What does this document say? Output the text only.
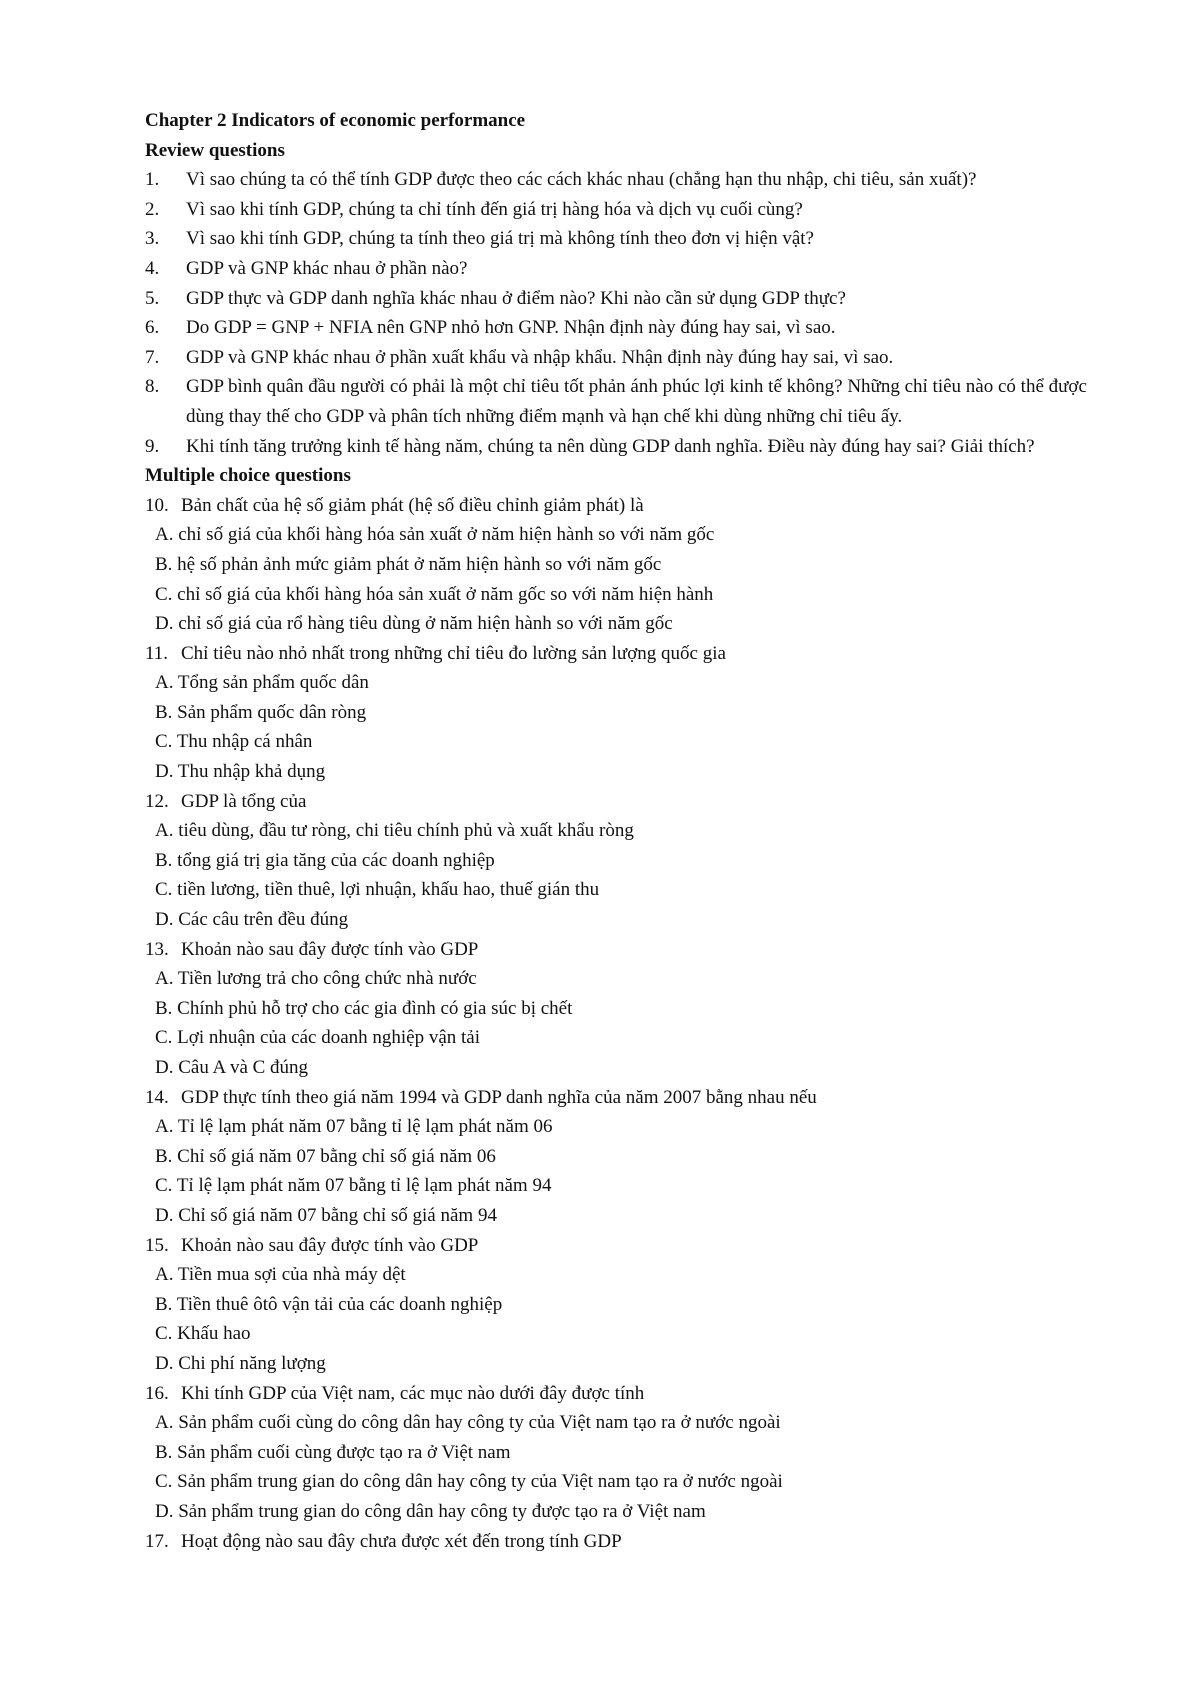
Chapter 2 Indicators of economic performance

Review questions

1.	Vì sao chúng ta có thể tính GDP được theo các cách khác nhau (chẳng hạn thu nhập, chi tiêu, sản xuất)?
2.	Vì sao khi tính GDP, chúng ta chỉ tính đến giá trị hàng hóa và dịch vụ cuối cùng?
3.	Vì sao khi tính GDP, chúng ta tính theo giá trị mà không tính theo đơn vị hiện vật?
4.	GDP và GNP khác nhau ở phần nào?
5.	GDP thực và GDP danh nghĩa khác nhau ở điểm nào? Khi nào cần sử dụng GDP thực?
6.	Do GDP = GNP + NFIA nên GNP nhỏ hơn GNP. Nhận định này đúng hay sai, vì sao.
7.	GDP và GNP khác nhau ở phần xuất khẩu và nhập khẩu. Nhận định này đúng hay sai, vì sao.
8.	GDP bình quân đầu người có phải là một chỉ tiêu tốt phản ánh phúc lợi kinh tế không? Những chỉ tiêu nào có thể được dùng thay thế cho GDP và phân tích những điểm mạnh và hạn chế khi dùng những chỉ tiêu ấy.
9.	Khi tính tăng trưởng kinh tế hàng năm, chúng ta nên dùng GDP danh nghĩa. Điều này đúng hay sai? Giải thích?

Multiple choice questions

10. Bản chất của hệ số giảm phát (hệ số điều chỉnh giảm phát) là

A. chỉ số giá của khối hàng hóa sản xuất ở năm hiện hành so với năm gốc

B. hệ số phản ảnh mức giảm phát ở năm hiện hành so với năm gốc

C. chỉ số giá của khối hàng hóa sản xuất ở năm gốc so với năm hiện hành

D. chỉ số giá của rổ hàng tiêu dùng ở năm hiện hành so với năm gốc

11. Chỉ tiêu nào nhỏ nhất trong những chỉ tiêu đo lường sản lượng quốc gia

A. Tổng sản phẩm quốc dân

B. Sản phẩm quốc dân ròng

C. Thu nhập cá nhân

D. Thu nhập khả dụng

12. GDP là tổng của

A. tiêu dùng, đầu tư ròng, chi tiêu chính phủ và xuất khẩu ròng

B. tổng giá trị gia tăng của các doanh nghiệp

C. tiền lương, tiền thuê, lợi nhuận, khấu hao, thuế gián thu

D. Các câu trên đều đúng

13. Khoản nào sau đây được tính vào GDP

A. Tiền lương trả cho công chức nhà nước

B. Chính phủ hỗ trợ cho các gia đình có gia súc bị chết

C. Lợi nhuận của các doanh nghiệp vận tải

D. Câu A và C đúng

14. GDP thực tính theo giá năm 1994 và GDP danh nghĩa của năm 2007 bằng nhau nếu

A. Tỉ lệ lạm phát năm 07 bằng tỉ lệ lạm phát năm 06

B. Chỉ số giá năm 07 bằng chỉ số giá năm 06

C. Tỉ lệ lạm phát năm 07 bằng tỉ lệ lạm phát năm 94

D. Chỉ số giá năm 07 bằng chỉ số giá năm 94

15. Khoản nào sau đây được tính vào GDP

A. Tiền mua sợi của nhà máy dệt

B. Tiền thuê ôtô vận tải của các doanh nghiệp

C. Khấu hao

D. Chi phí năng lượng

16. Khi tính GDP của Việt nam, các mục nào dưới đây được tính

A. Sản phẩm cuối cùng do công dân hay công ty của Việt nam tạo ra ở nước ngoài

B. Sản phẩm cuối cùng được tạo ra ở Việt nam

C. Sản phẩm trung gian do công dân hay công ty của Việt nam tạo ra ở nước ngoài

D. Sản phẩm trung gian do công dân hay công ty được tạo ra ở Việt nam

17. Hoạt động nào sau đây chưa được xét đến trong tính GDP
